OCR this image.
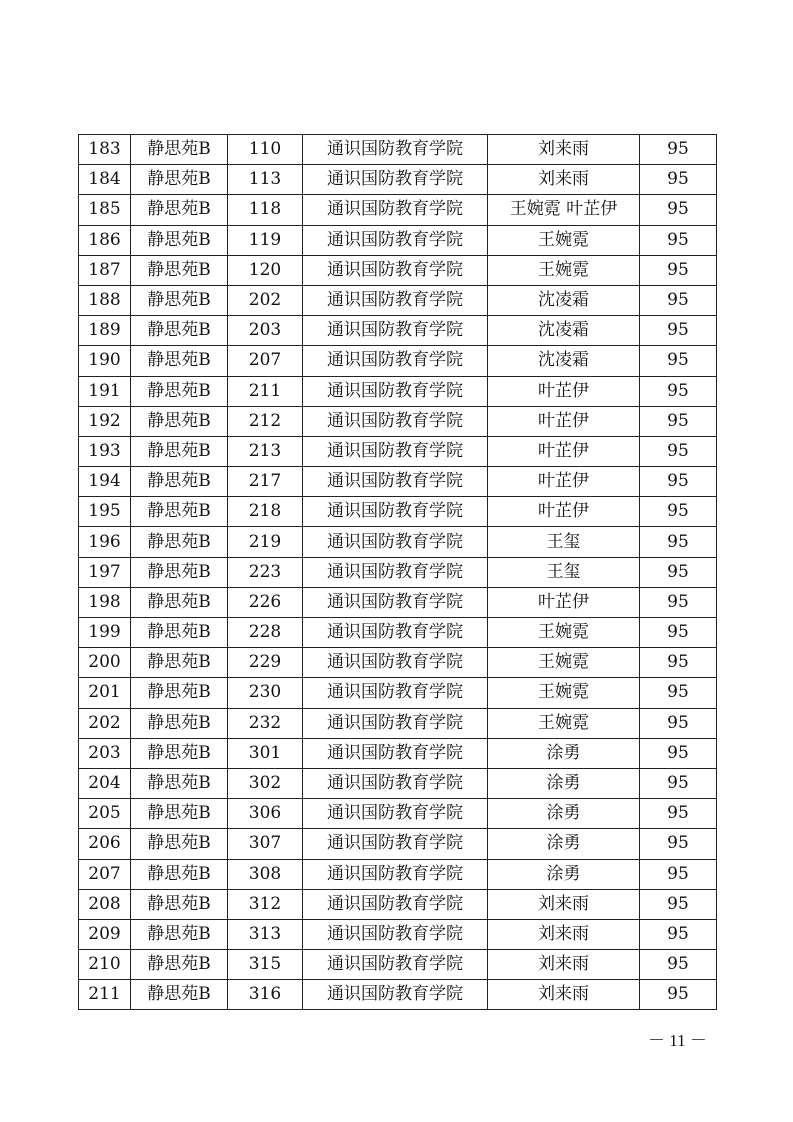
183	静思苑B	110	通识国防教育学院	刘来雨	95
184	静思苑B	113	通识国防教育学院	刘来雨	95
185	静思苑B	118	通识国防教育学院	王婉霓 叶芷伊	95
186	静思苑B	119	通识国防教育学院	王婉霓	95
187	静思苑B	120	通识国防教育学院	王婉霓	95
188	静思苑B	202	通识国防教育学院	沈凌霜	95
189	静思苑B	203	通识国防教育学院	沈凌霜	95
190	静思苑B	207	通识国防教育学院	沈凌霜	95
191	静思苑B	211	通识国防教育学院	叶芷伊	95
192	静思苑B	212	通识国防教育学院	叶芷伊	95
193	静思苑B	213	通识国防教育学院	叶芷伊	95
194	静思苑B	217	通识国防教育学院	叶芷伊	95
195	静思苑B	218	通识国防教育学院	叶芷伊	95
196	静思苑B	219	通识国防教育学院	王玺	95
197	静思苑B	223	通识国防教育学院	王玺	95
198	静思苑B	226	通识国防教育学院	叶芷伊	95
199	静思苑B	228	通识国防教育学院	王婉霓	95
200	静思苑B	229	通识国防教育学院	王婉霓	95
201	静思苑B	230	通识国防教育学院	王婉霓	95
202	静思苑B	232	通识国防教育学院	王婉霓	95
203	静思苑B	301	通识国防教育学院	涂勇	95
204	静思苑B	302	通识国防教育学院	涂勇	95
205	静思苑B	306	通识国防教育学院	涂勇	95
206	静思苑B	307	通识国防教育学院	涂勇	95
207	静思苑B	308	通识国防教育学院	涂勇	95
208	静思苑B	312	通识国防教育学院	刘来雨	95
209	静思苑B	313	通识国防教育学院	刘来雨	95
210	静思苑B	315	通识国防教育学院	刘来雨	95
211	静思苑B	316	通识国防教育学院	刘来雨	95
－ 11 －
